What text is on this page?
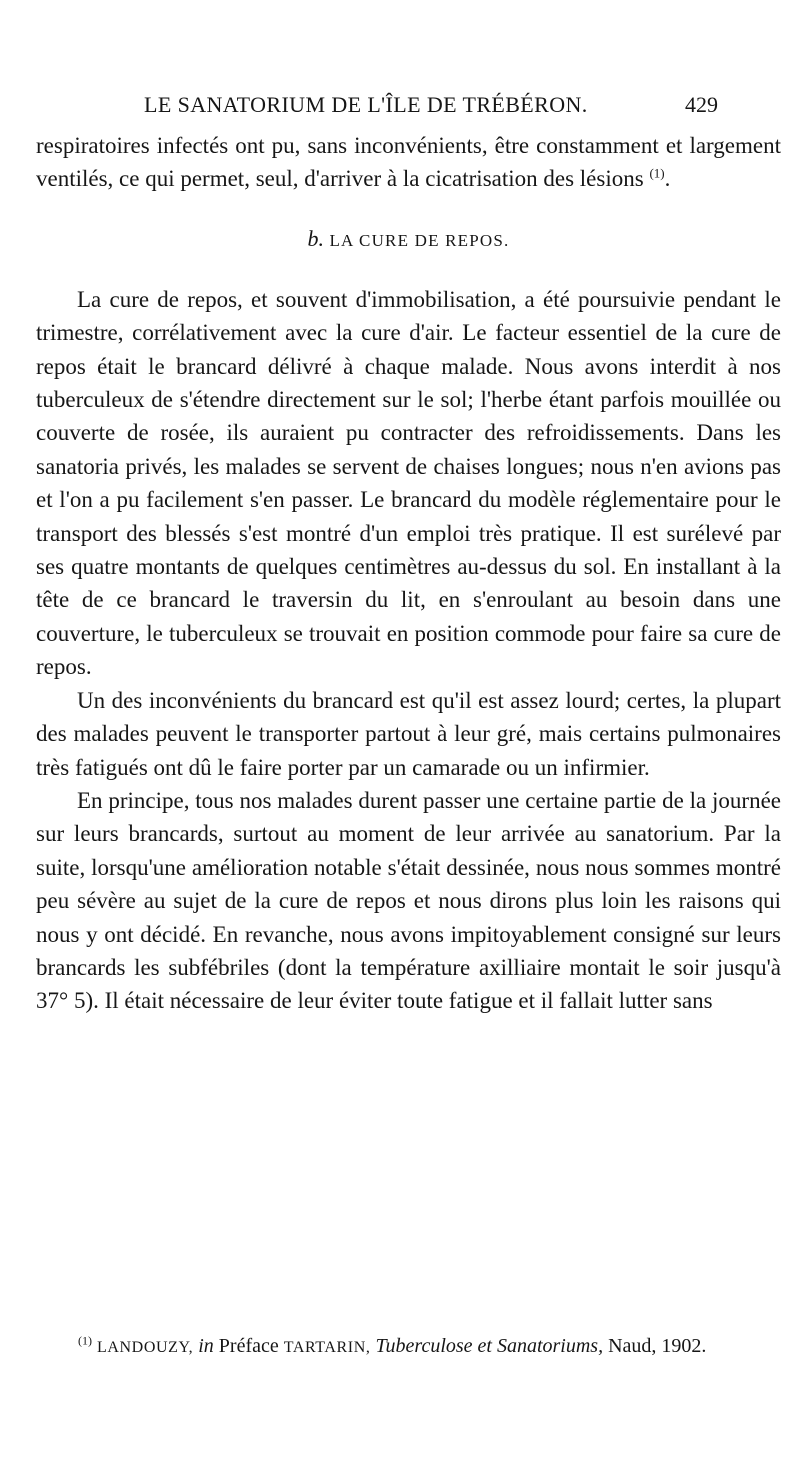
LE SANATORIUM DE L'ÎLE DE TRÉBÉRON.	429

respiratoires infectés ont pu, sans inconvénients, être constamment et largement ventilés, ce qui permet, seul, d'arriver à la cicatrisation des lésions $^{(1)}$.

b. LA CURE DE REPOS.

La cure de repos, et souvent d'immobilisation, a été poursuivie pendant le trimestre, corrélativement avec la cure d'air. Le facteur essentiel de la cure de repos était le brancard délivré à chaque malade. Nous avons interdit à nos tuberculeux de s'étendre directement sur le sol; l'herbe étant parfois mouillée ou couverte de rosée, ils auraient pu contracter des refroidissements. Dans les sanatoria privés, les malades se servent de chaises longues; nous n'en avions pas et l'on a pu facilement s'en passer. Le brancard du modèle réglementaire pour le transport des blessés s'est montré d'un emploi très pratique. Il est surélevé par ses quatre montants de quelques centimètres au-dessus du sol. En installant à la tête de ce brancard le traversin du lit, en s'enroulant au besoin dans une couverture, le tuberculeux se trouvait en position commode pour faire sa cure de repos.

Un des inconvénients du brancard est qu'il est assez lourd; certes, la plupart des malades peuvent le transporter partout à leur gré, mais certains pulmonaires très fatigués ont dû le faire porter par un camarade ou un infirmier.

En principe, tous nos malades durent passer une certaine partie de la journée sur leurs brancards, surtout au moment de leur arrivée au sanatorium. Par la suite, lorsqu'une amélioration notable s'était dessinée, nous nous sommes montré peu sévère au sujet de la cure de repos et nous dirons plus loin les raisons qui nous y ont décidé. En revanche, nous avons impitoyablement consigné sur leurs brancards les subfébriles (dont la température axilliaire montait le soir jusqu'à 37° 5). Il était nécessaire de leur éviter toute fatigue et il fallait lutter sans

$^{(1)}$ LANDOUZY, in Préface TARTARIN, Tuberculose et Sanatoriums, Naud, 1902.
